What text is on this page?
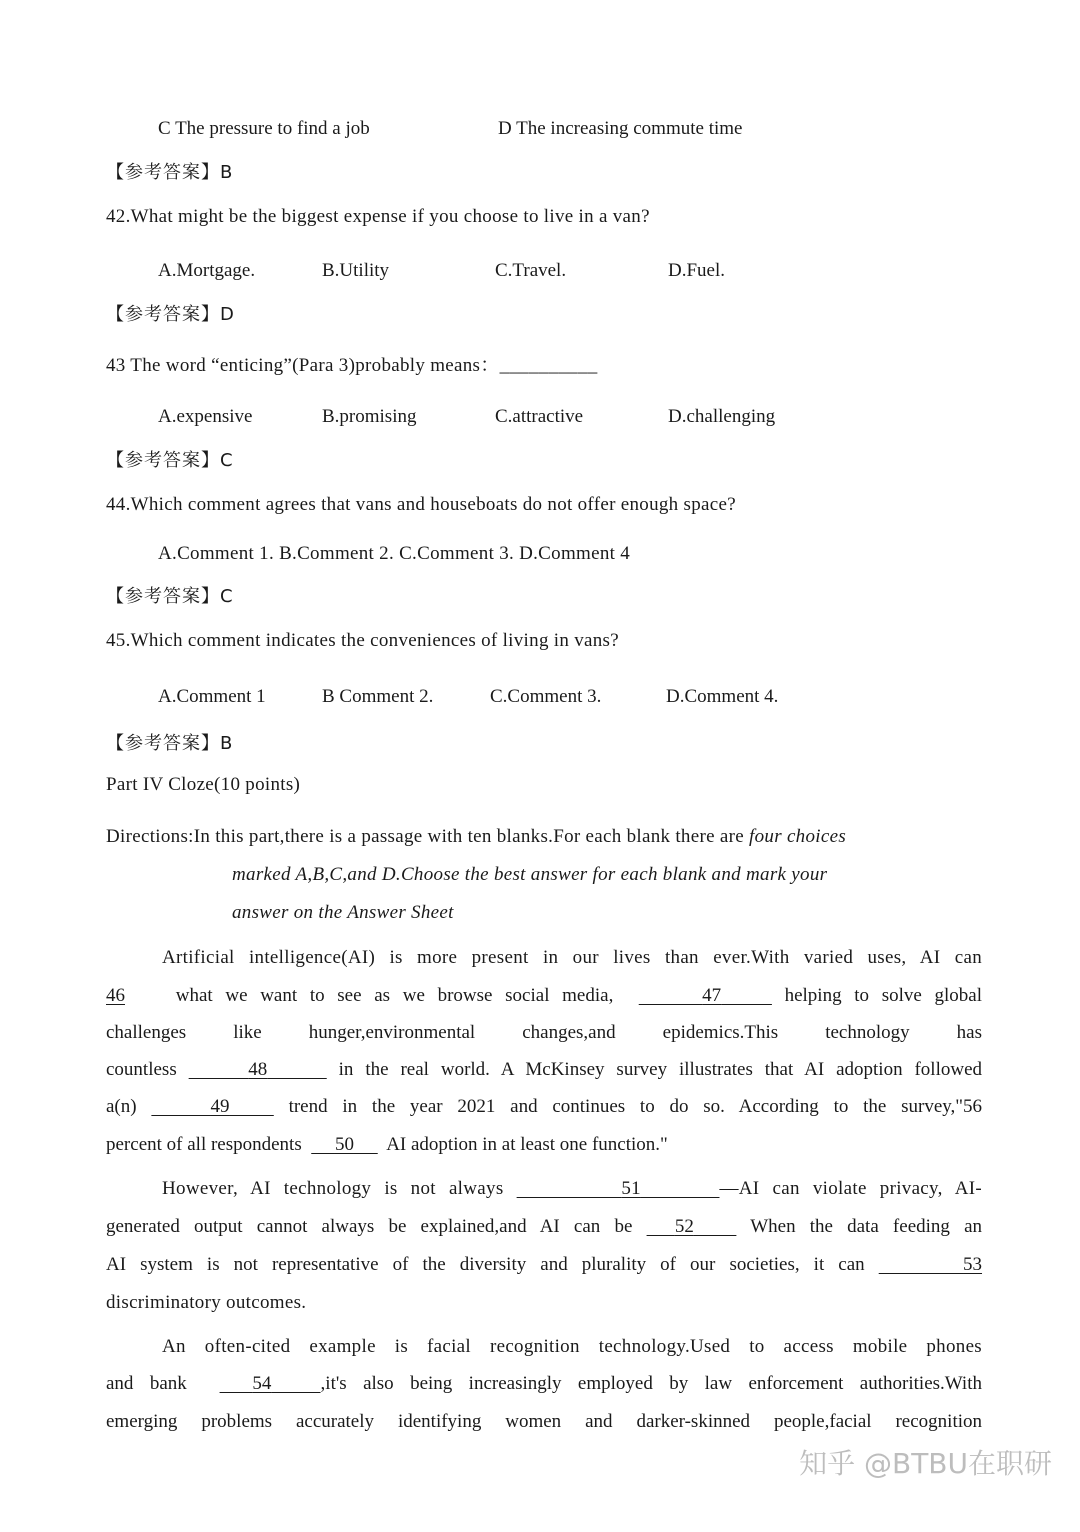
C The pressure to find a job	D The increasing commute time
【参考答案】B
42.What might be the biggest expense if you choose to live in a van?
A.Mortgage.	B.Utility	C.Travel.	D.Fuel.
【参考答案】D
43 The word “enticing”(Para 3)probably means：__________
A.expensive	B.promising	C.attractive	D.challenging
【参考答案】C
44.Which comment agrees that vans and houseboats do not offer enough space?
A.Comment 1. B.Comment 2. C.Comment 3. D.Comment 4
【参考答案】C
45.Which comment indicates the conveniences of living in vans?
A.Comment 1	B Comment 2.	C.Comment 3.	D.Comment 4.
【参考答案】B
Part IV Cloze(10 points)
Directions:In this part,there is a passage with ten blanks.For each blank there are four choices
marked A,B,C,and D.Choose the best answer for each blank and mark your
answer on the Answer Sheet
Artificial intelligence(AI) is more present in our lives than ever.With varied uses, AI can
46	what we want to see as we browse social media,	47	helping to solve global
challenges like hunger,environmental changes,and epidemics.This technology has
countless	48	in the real world. A McKinsey survey illustrates that AI adoption followed
a(n)	49	trend in the year 2021 and continues to do so. According to the survey,"56
percent of all respondents 50 AI adoption in at least one function."
However, AI technology is not always	51	—AI can violate privacy, AI-
generated output cannot always be explained,and AI can be 52	When the data feeding an
AI system is not representative of the diversity and plurality of our societies, it can	53
discriminatory outcomes.
An often-cited example is facial recognition technology.Used to access mobile phones
and bank	54	,it's also being increasingly employed by law enforcement authorities.With
emerging problems accurately identifying women and darker-skinned people,facial recognition
知乎 @BTBU在职研
